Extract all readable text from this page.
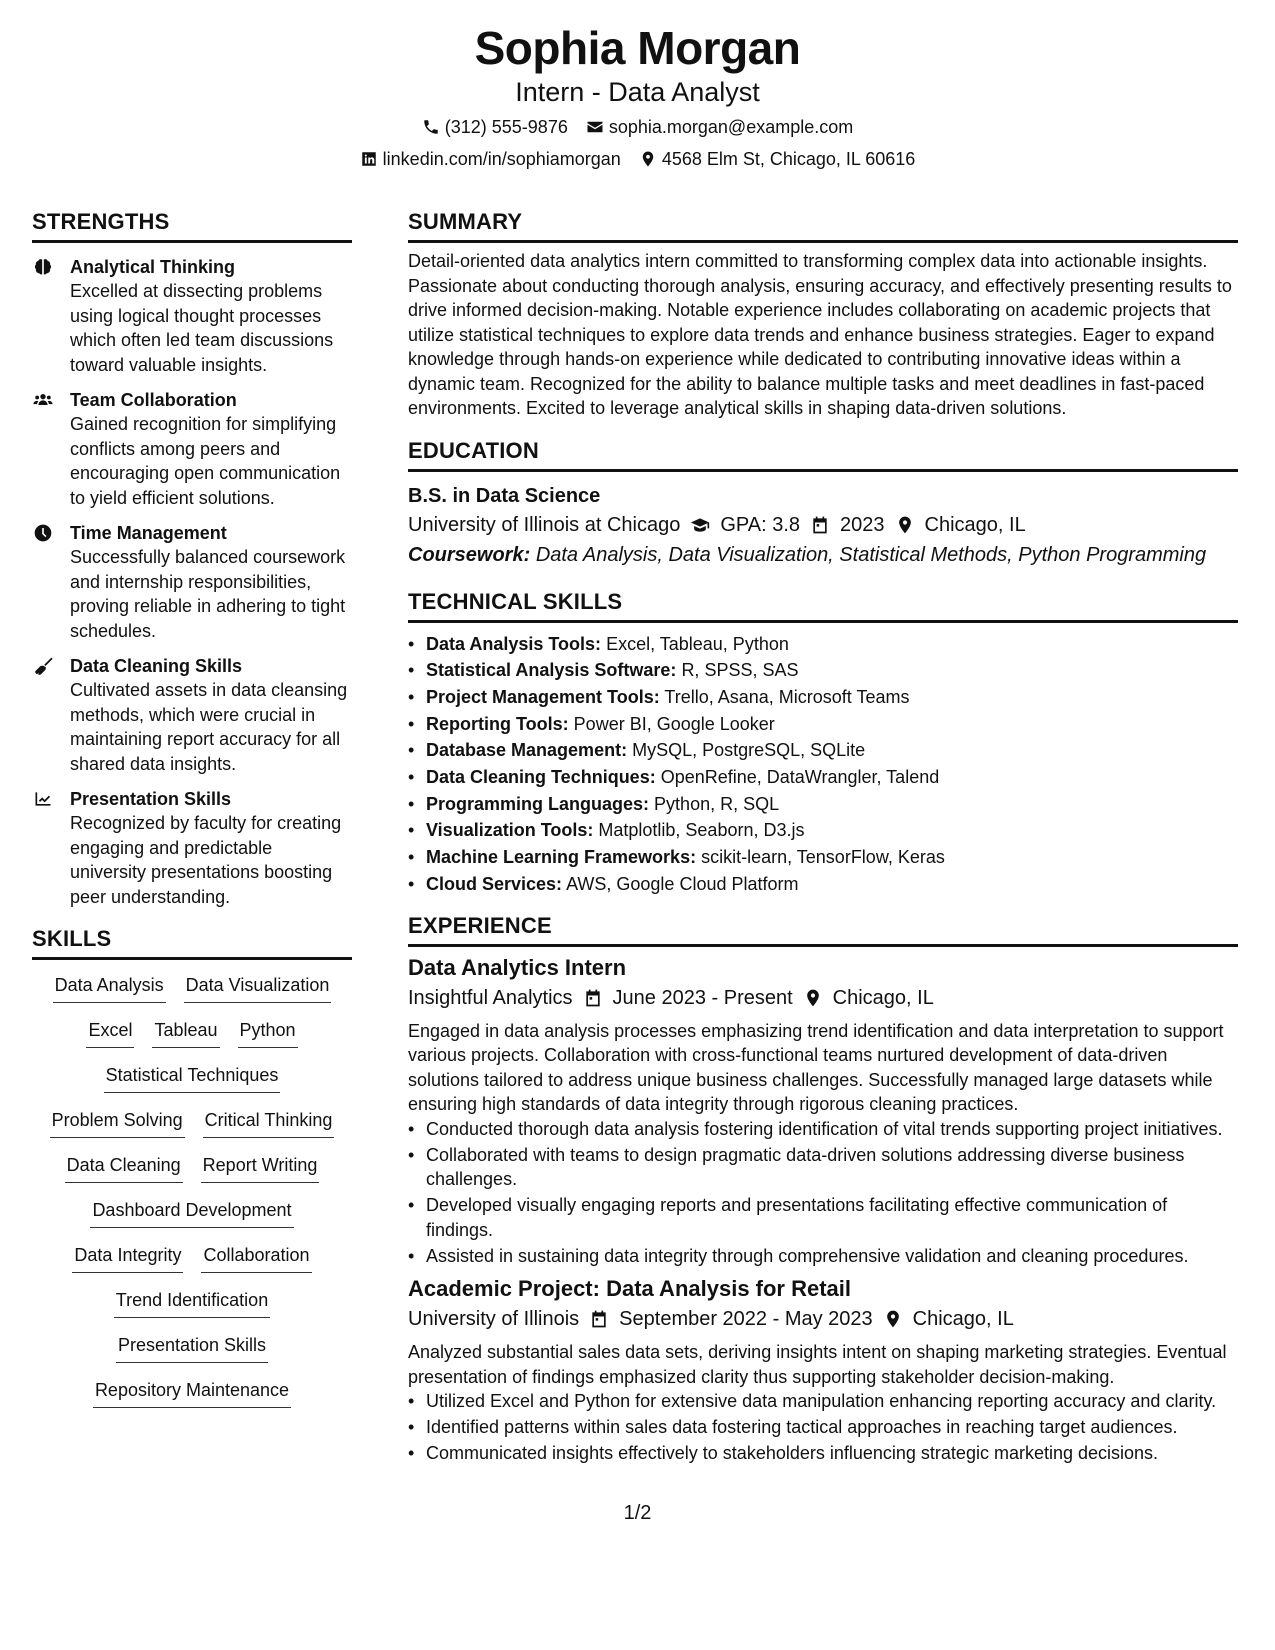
Sophia Morgan
Intern - Data Analyst
(312) 555-9876 sophia.morgan@example.com
linkedin.com/in/sophiamorgan 4568 Elm St, Chicago, IL 60616
STRENGTHS
Analytical Thinking
Excelled at dissecting problems using logical thought processes which often led team discussions toward valuable insights.
Team Collaboration
Gained recognition for simplifying conflicts among peers and encouraging open communication to yield efficient solutions.
Time Management
Successfully balanced coursework and internship responsibilities, proving reliable in adhering to tight schedules.
Data Cleaning Skills
Cultivated assets in data cleansing methods, which were crucial in maintaining report accuracy for all shared data insights.
Presentation Skills
Recognized by faculty for creating engaging and predictable university presentations boosting peer understanding.
SKILLS
Data Analysis Data Visualization
Excel Tableau Python
Statistical Techniques
Problem Solving Critical Thinking
Data Cleaning Report Writing
Dashboard Development
Data Integrity Collaboration
Trend Identification
Presentation Skills
Repository Maintenance
SUMMARY
Detail-oriented data analytics intern committed to transforming complex data into actionable insights. Passionate about conducting thorough analysis, ensuring accuracy, and effectively presenting results to drive informed decision-making. Notable experience includes collaborating on academic projects that utilize statistical techniques to explore data trends and enhance business strategies. Eager to expand knowledge through hands-on experience while dedicated to contributing innovative ideas within a dynamic team. Recognized for the ability to balance multiple tasks and meet deadlines in fast-paced environments. Excited to leverage analytical skills in shaping data-driven solutions.
EDUCATION
B.S. in Data Science
University of Illinois at Chicago GPA: 3.8 2023 Chicago, IL
Coursework: Data Analysis, Data Visualization, Statistical Methods, Python Programming
TECHNICAL SKILLS
• Data Analysis Tools: Excel, Tableau, Python
• Statistical Analysis Software: R, SPSS, SAS
• Project Management Tools: Trello, Asana, Microsoft Teams
• Reporting Tools: Power BI, Google Looker
• Database Management: MySQL, PostgreSQL, SQLite
• Data Cleaning Techniques: OpenRefine, DataWrangler, Talend
• Programming Languages: Python, R, SQL
• Visualization Tools: Matplotlib, Seaborn, D3.js
• Machine Learning Frameworks: scikit-learn, TensorFlow, Keras
• Cloud Services: AWS, Google Cloud Platform
EXPERIENCE
Data Analytics Intern
Insightful Analytics June 2023 - Present Chicago, IL
Engaged in data analysis processes emphasizing trend identification and data interpretation to support various projects. Collaboration with cross-functional teams nurtured development of data-driven solutions tailored to address unique business challenges. Successfully managed large datasets while ensuring high standards of data integrity through rigorous cleaning practices.
• Conducted thorough data analysis fostering identification of vital trends supporting project initiatives.
• Collaborated with teams to design pragmatic data-driven solutions addressing diverse business challenges.
• Developed visually engaging reports and presentations facilitating effective communication of findings.
• Assisted in sustaining data integrity through comprehensive validation and cleaning procedures.
Academic Project: Data Analysis for Retail
University of Illinois September 2022 - May 2023 Chicago, IL
Analyzed substantial sales data sets, deriving insights intent on shaping marketing strategies. Eventual presentation of findings emphasized clarity thus supporting stakeholder decision-making.
• Utilized Excel and Python for extensive data manipulation enhancing reporting accuracy and clarity.
• Identified patterns within sales data fostering tactical approaches in reaching target audiences.
• Communicated insights effectively to stakeholders influencing strategic marketing decisions.
1/2
